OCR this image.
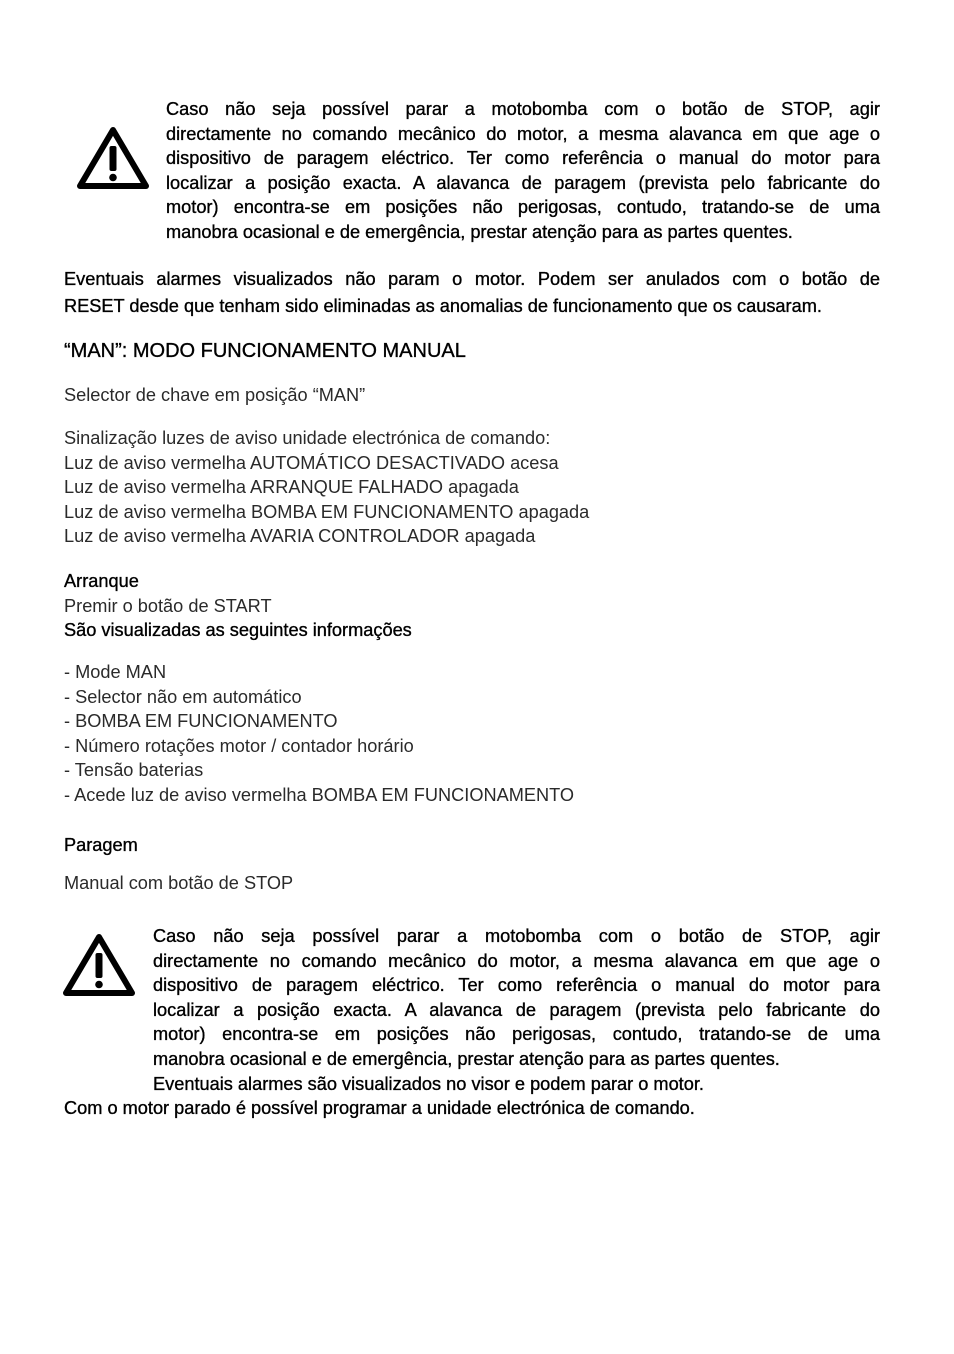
Caso não seja possível parar a motobomba com o botão de STOP, agir
directamente no comando mecânico do motor, a mesma alavanca em que age o
dispositivo de paragem eléctrico. Ter como referência o manual do motor para
localizar a posição exacta. A alavanca de paragem (prevista pelo fabricante do
motor) encontra-se em posições não perigosas, contudo, tratando-se de uma
manobra ocasional e de emergência, prestar atenção para as partes quentes.
Eventuais alarmes visualizados não param o motor. Podem ser anulados com o botão de
RESET desde que tenham sido eliminadas as anomalias de funcionamento que os causaram.
“MAN”: MODO FUNCIONAMENTO MANUAL
Selector de chave em posição “MAN”
Sinalização luzes de aviso unidade electrónica de comando:
Luz de aviso vermelha AUTOMÁTICO DESACTIVADO acesa
Luz de aviso vermelha ARRANQUE FALHADO apagada
Luz de aviso vermelha BOMBA EM FUNCIONAMENTO apagada
Luz de aviso vermelha AVARIA CONTROLADOR apagada
Arranque
Premir o botão de START
São visualizadas as seguintes informações
- Mode MAN
- Selector não em automático
- BOMBA EM FUNCIONAMENTO
- Número rotações motor / contador horário
- Tensão baterias
- Acede luz de aviso vermelha BOMBA EM FUNCIONAMENTO
Paragem
Manual com botão de STOP
Caso não seja possível parar a motobomba com o botão de STOP, agir
directamente no comando mecânico do motor, a mesma alavanca em que age o
dispositivo de paragem eléctrico. Ter como referência o manual do motor para
localizar a posição exacta. A alavanca de paragem (prevista pelo fabricante do
motor) encontra-se em posições não perigosas, contudo, tratando-se de uma
manobra ocasional e de emergência, prestar atenção para as partes quentes.
Eventuais alarmes são visualizados no visor e podem parar o motor.
Com o motor parado é possível programar a unidade electrónica de comando.
